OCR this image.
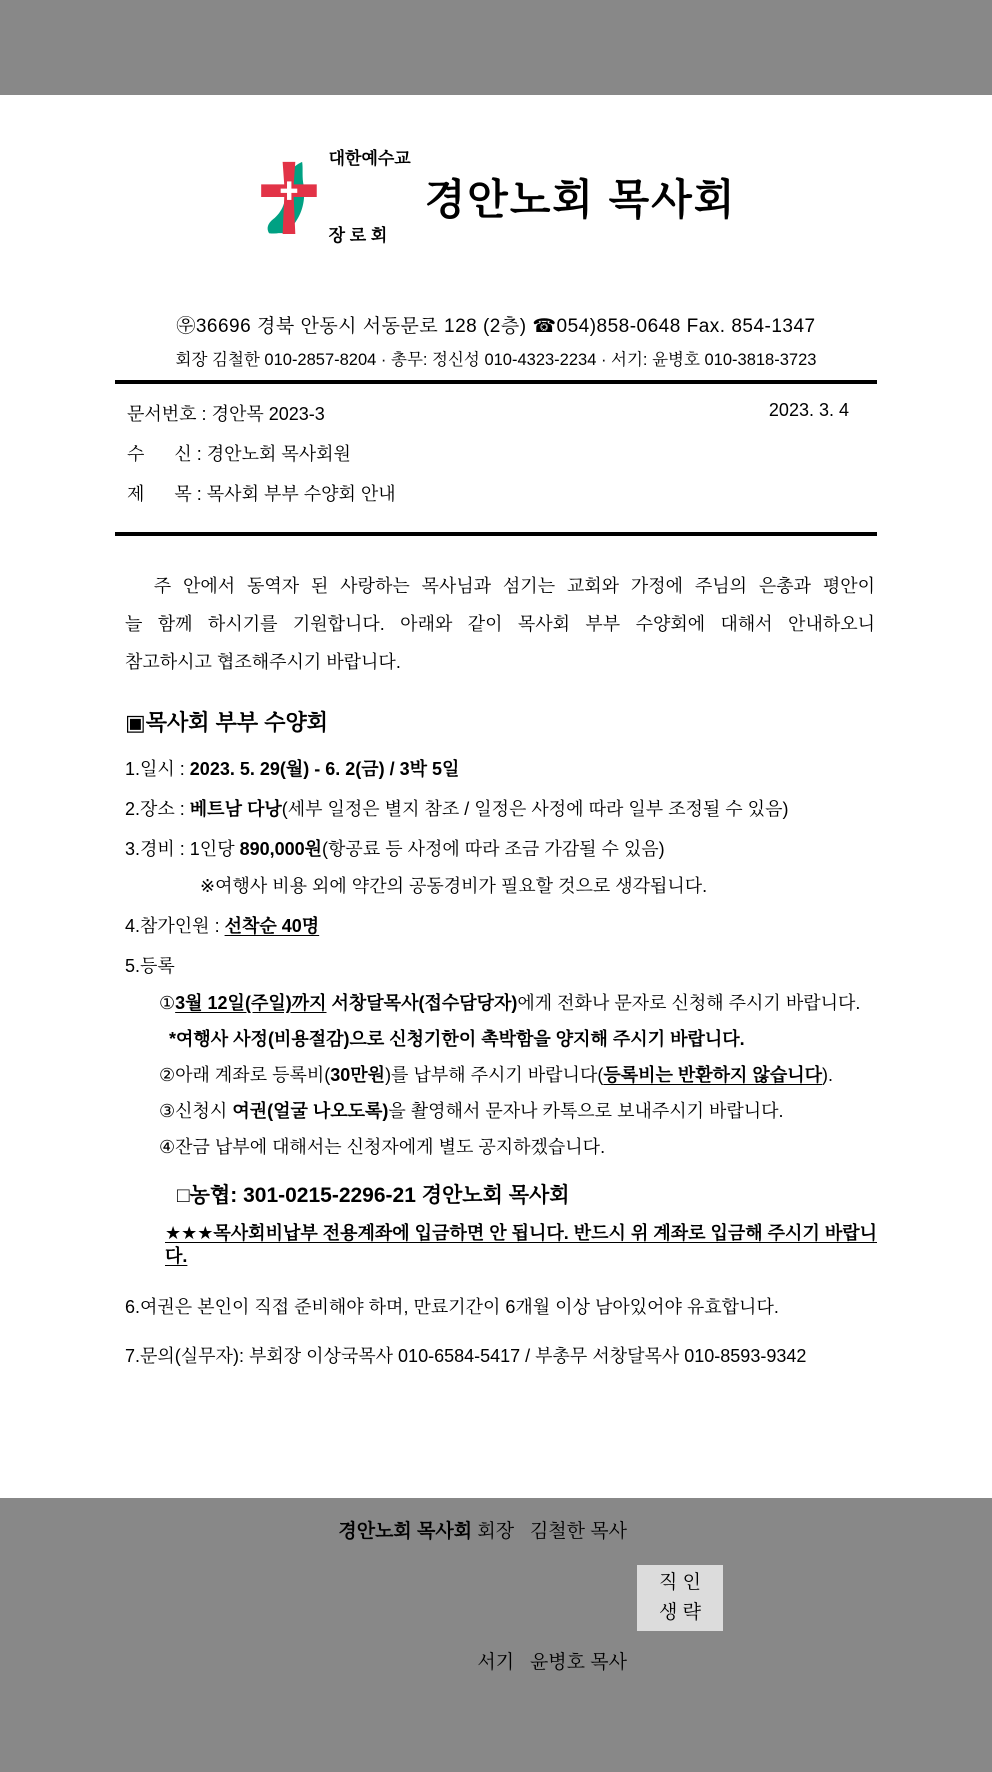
대한예수교

장 로 회

경안노회 목사회
㉾36696 경북 안동시 서동문로 128 (2층) ☎054)858-0648 Fax. 854-1347
회장 김철한 010-2857-8204 · 총무: 정신성 010-4323-2234 · 서기: 윤병호 010-3818-3723
문서번호 : 경안목 2023-3	2023. 3. 4
수      신 : 경안노회 목사회원
제      목 : 목사회 부부 수양회 안내
주 안에서 동역자 된 사랑하는 목사님과 섬기는 교회와 가정에 주님의 은총과 평안이
늘 함께 하시기를 기원합니다. 아래와 같이 목사회 부부 수양회에 대해서 안내하오니
참고하시고 협조해주시기 바랍니다.
▣목사회 부부 수양회
1.일시 : 2023. 5. 29(월) - 6. 2(금) / 3박 5일
2.장소 : 베트남 다낭(세부 일정은 별지 참조 / 일정은 사정에 따라 일부 조정될 수 있음)
3.경비 : 1인당 890,000원(항공료 등 사정에 따라 조금 가감될 수 있음)
※여행사 비용 외에 약간의 공동경비가 필요할 것으로 생각됩니다.
4.참가인원 : 선착순 40명
5.등록
①3월 12일(주일)까지 서창달목사(접수담당자)에게 전화나 문자로 신청해 주시기 바랍니다.
*여행사 사정(비용절감)으로 신청기한이 촉박함을 양지해 주시기 바랍니다.
②아래 계좌로 등록비(30만원)를 납부해 주시기 바랍니다(등록비는 반환하지 않습니다).
③신청시 여권(얼굴 나오도록)을 촬영해서 문자나 카톡으로 보내주시기 바랍니다.
④잔금 납부에 대해서는 신청자에게 별도 공지하겠습니다.
□농협: 301-0215-2296-21 경안노회 목사회
★★★목사회비납부 전용계좌에 입금하면 안 됩니다. 반드시 위 계좌로 입금해 주시기 바랍니다.
6.여권은 본인이 직접 준비해야 하며, 만료기간이 6개월 이상 남아있어야 유효합니다.
7.문의(실무자): 부회장 이상국목사 010-6584-5417 / 부총무 서창달목사 010-8593-9342

경안노회 목사회 회장   김철한 목사

서기   윤병호 목사

직 인
생 략
